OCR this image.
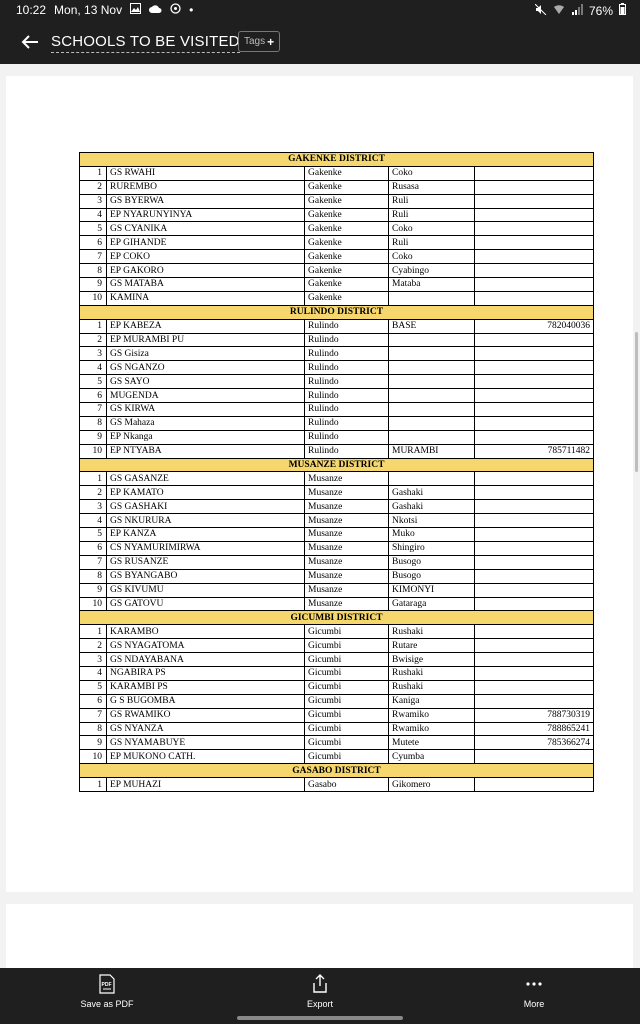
10:22 Mon, 13 Nov	•	76%
SCHOOLS TO BE VISITED Tags +
GAKENKE DISTRICT				
1	GS RWAHI	Gakenke	Coko	
2	RUREMBO	Gakenke	Rusasa	
3	GS BYERWA	Gakenke	Ruli	
4	EP NYARUNYINYA	Gakenke	Ruli	
5	GS CYANIKA	Gakenke	Coko	
6	EP GIHANDE	Gakenke	Ruli	
7	EP COKO	Gakenke	Coko	
8	EP GAKORO	Gakenke	Cyabingo	
9	GS MATABA	Gakenke	Mataba	
10	KAMINA	Gakenke		
RULINDO DISTRICT				
1	EP KABEZA	Rulindo	BASE	782040036
2	EP MURAMBI PU	Rulindo		
3	GS Gisiza	Rulindo		
4	GS NGANZO	Rulindo		
5	GS SAYO	Rulindo		
6	MUGENDA	Rulindo		
7	GS KIRWA	Rulindo		
8	GS Mahaza	Rulindo		
9	EP Nkanga	Rulindo		
10	EP NTYABA	Rulindo	MURAMBI	785711482
MUSANZE DISTRICT				
1	GS GASANZE	Musanze		
2	EP KAMATO	Musanze	Gashaki	
3	GS GASHAKI	Musanze	Gashaki	
4	GS NKURURA	Musanze	Nkotsi	
5	EP KANZA	Musanze	Muko	
6	CS NYAMURIMIRWA	Musanze	Shingiro	
7	GS RUSANZE	Musanze	Busogo	
8	GS BYANGABO	Musanze	Busogo	
9	GS KIVUMU	Musanze	KIMONYI	
10	GS GATOVU	Musanze	Gataraga	
GICUMBI DISTRICT				
1	KARAMBO	Gicumbi	Rushaki	
2	GS NYAGATOMA	Gicumbi	Rutare	
3	GS NDAYABANA	Gicumbi	Bwisige	
4	NGABIRA PS	Gicumbi	Rushaki	
5	KARAMBI PS	Gicumbi	Rushaki	
6	G S BUGOMBA	Gicumbi	Kaniga	
7	GS RWAMIKO	Gicumbi	Rwamiko	788730319
8	GS NYANZA	Gicumbi	Rwamiko	788865241
9	GS NYAMABUYE	Gicumbi	Mutete	785366274
10	EP MUKONO CATH.	Gicumbi	Cyumba	
GASABO DISTRICT				
1	EP MUHAZI	Gasabo	Gikomero	
PDF
Save as PDF	Export	More
